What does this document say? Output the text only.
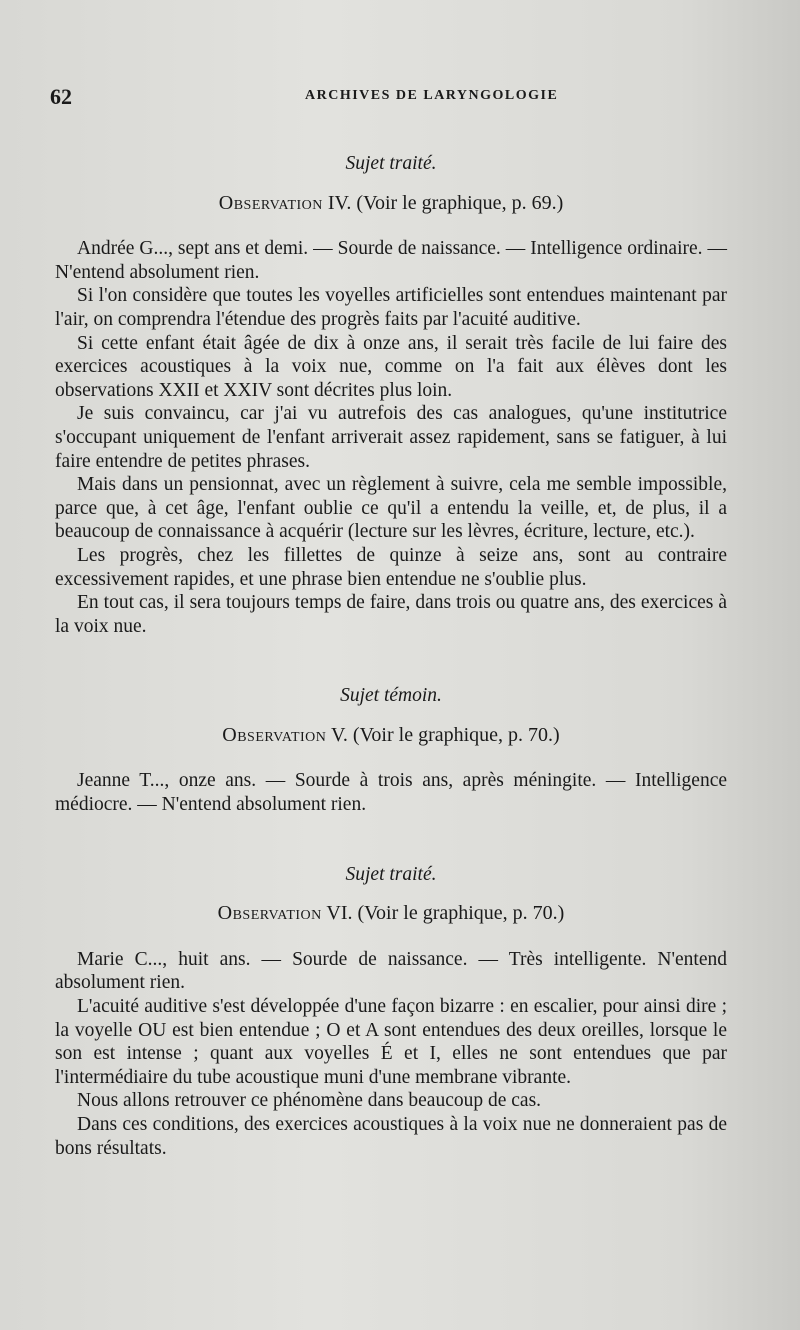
62	ARCHIVES DE LARYNGOLOGIE

Sujet traité.

Observation IV. (Voir le graphique, p. 69.)

Andrée G..., sept ans et demi. — Sourde de naissance. — Intelligence ordinaire. — N'entend absolument rien.

Si l'on considère que toutes les voyelles artificielles sont entendues maintenant par l'air, on comprendra l'étendue des progrès faits par l'acuité auditive.

Si cette enfant était âgée de dix à onze ans, il serait très facile de lui faire des exercices acoustiques à la voix nue, comme on l'a fait aux élèves dont les observations XXII et XXIV sont décrites plus loin.

Je suis convaincu, car j'ai vu autrefois des cas analogues, qu'une institutrice s'occupant uniquement de l'enfant arriverait assez rapidement, sans se fatiguer, à lui faire entendre de petites phrases.

Mais dans un pensionnat, avec un règlement à suivre, cela me semble impossible, parce que, à cet âge, l'enfant oublie ce qu'il a entendu la veille, et, de plus, il a beaucoup de connaissance à acquérir (lecture sur les lèvres, écriture, lecture, etc.).

Les progrès, chez les fillettes de quinze à seize ans, sont au contraire excessivement rapides, et une phrase bien entendue ne s'oublie plus.

En tout cas, il sera toujours temps de faire, dans trois ou quatre ans, des exercices à la voix nue.

Sujet témoin.

Observation V. (Voir le graphique, p. 70.)

Jeanne T..., onze ans. — Sourde à trois ans, après méningite. — Intelligence médiocre. — N'entend absolument rien.

Sujet traité.

Observation VI. (Voir le graphique, p. 70.)

Marie C..., huit ans. — Sourde de naissance. — Très intelligente. N'entend absolument rien.

L'acuité auditive s'est développée d'une façon bizarre : en escalier, pour ainsi dire ; la voyelle OU est bien entendue ; O et A sont entendues des deux oreilles, lorsque le son est intense ; quant aux voyelles É et I, elles ne sont entendues que par l'intermédiaire du tube acoustique muni d'une membrane vibrante.

Nous allons retrouver ce phénomène dans beaucoup de cas.

Dans ces conditions, des exercices acoustiques à la voix nue ne donneraient pas de bons résultats.
